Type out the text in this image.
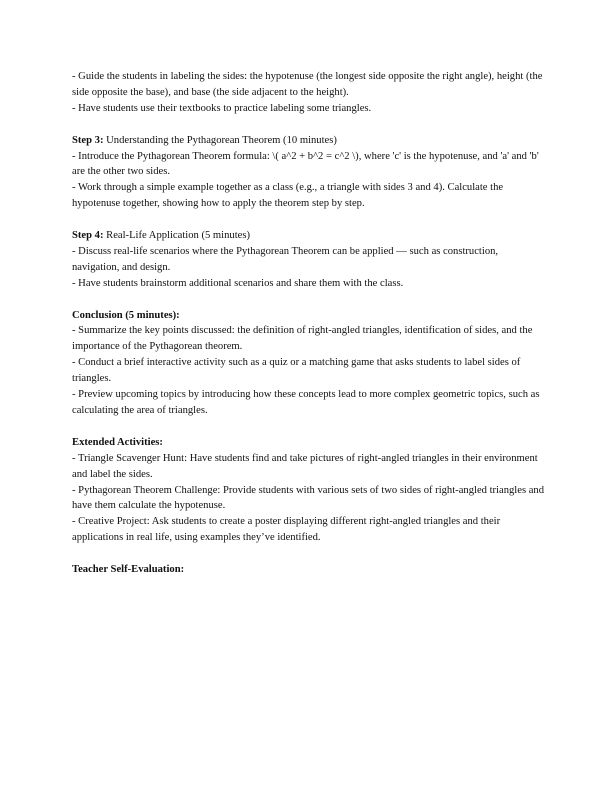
- Guide the students in labeling the sides: the hypotenuse (the longest side opposite the right angle), height (the side opposite the base), and base (the side adjacent to the height).

- Have students use their textbooks to practice labeling some triangles.

Step 3: Understanding the Pythagorean Theorem (10 minutes)

- Introduce the Pythagorean Theorem formula: \( a^2 + b^2 = c^2 \), where 'c' is the hypotenuse, and 'a' and 'b' are the other two sides.

- Work through a simple example together as a class (e.g., a triangle with sides 3 and 4). Calculate the hypotenuse together, showing how to apply the theorem step by step.

Step 4: Real-Life Application (5 minutes)

- Discuss real-life scenarios where the Pythagorean Theorem can be applied — such as construction, navigation, and design.

- Have students brainstorm additional scenarios and share them with the class.

Conclusion (5 minutes):

- Summarize the key points discussed: the definition of right-angled triangles, identification of sides, and the importance of the Pythagorean theorem.

- Conduct a brief interactive activity such as a quiz or a matching game that asks students to label sides of triangles.

- Preview upcoming topics by introducing how these concepts lead to more complex geometric topics, such as calculating the area of triangles.

Extended Activities:

- Triangle Scavenger Hunt: Have students find and take pictures of right-angled triangles in their environment and label the sides.

- Pythagorean Theorem Challenge: Provide students with various sets of two sides of right-angled triangles and have them calculate the hypotenuse.

- Creative Project: Ask students to create a poster displaying different right-angled triangles and their applications in real life, using examples they’ve identified.

Teacher Self-Evaluation:
